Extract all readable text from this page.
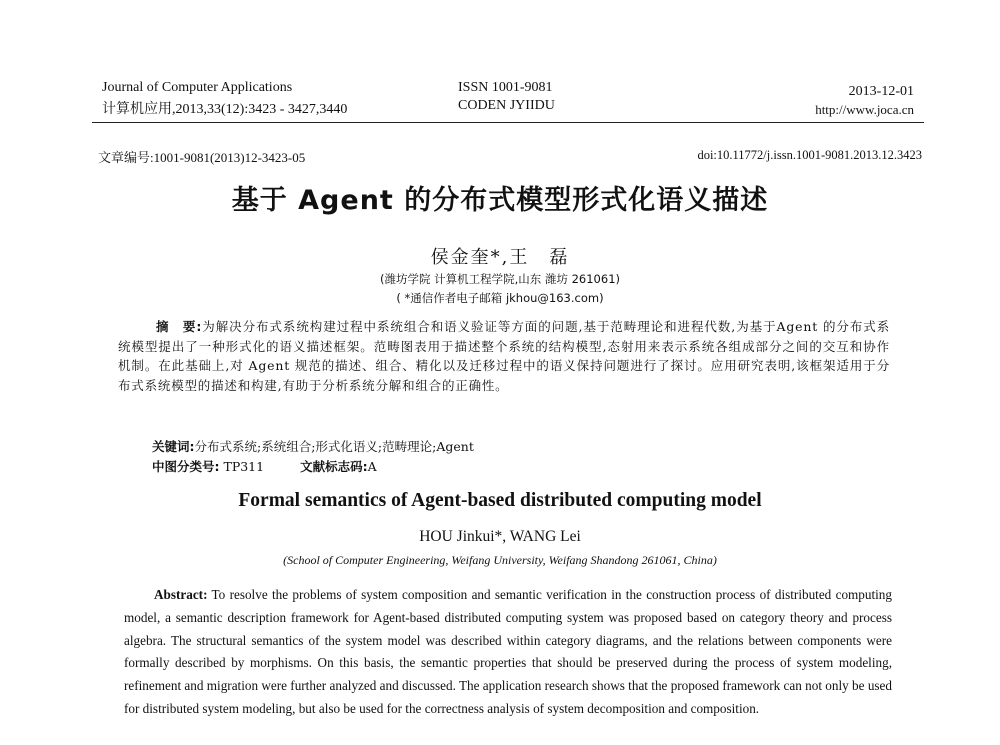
Journal of Computer Applications
计算机应用,2013,33(12):3423 - 3427,3440
ISSN 1001-9081
CODEN JYIIDU
2013-12-01
http://www.joca.cn
文章编号:1001-9081(2013)12-3423-05	doi:10.11772/j.issn.1001-9081.2013.12.3423
基于 Agent 的分布式模型形式化语义描述
侯金奎*,王　磊
(潍坊学院 计算机工程学院,山东 潍坊 261061)
( *通信作者电子邮箱 jkhou@163.com)
摘　要:为解决分布式系统构建过程中系统组合和语义验证等方面的问题,基于范畴理论和进程代数,为基于Agent 的分布式系统模型提出了一种形式化的语义描述框架。范畴图表用于描述整个系统的结构模型,态射用来表示系统各组成部分之间的交互和协作机制。在此基础上,对 Agent 规范的描述、组合、精化以及迁移过程中的语义保持问题进行了探讨。应用研究表明,该框架适用于分布式系统模型的描述和构建,有助于分析系统分解和组合的正确性。
关键词:分布式系统;系统组合;形式化语义;范畴理论;Agent
中图分类号: TP311	文献标志码:A
Formal semantics of Agent-based distributed computing model
HOU Jinkui*, WANG Lei
(School of Computer Engineering, Weifang University, Weifang Shandong 261061, China)
Abstract: To resolve the problems of system composition and semantic verification in the construction process of distributed computing model, a semantic description framework for Agent-based distributed computing system was proposed based on category theory and process algebra. The structural semantics of the system model was described within category diagrams, and the relations between components were formally described by morphisms. On this basis, the semantic properties that should be preserved during the process of system modeling, refinement and migration were further analyzed and discussed. The application research shows that the proposed framework can not only be used for distributed system modeling, but also be used for the correctness analysis of system decomposition and composition.
